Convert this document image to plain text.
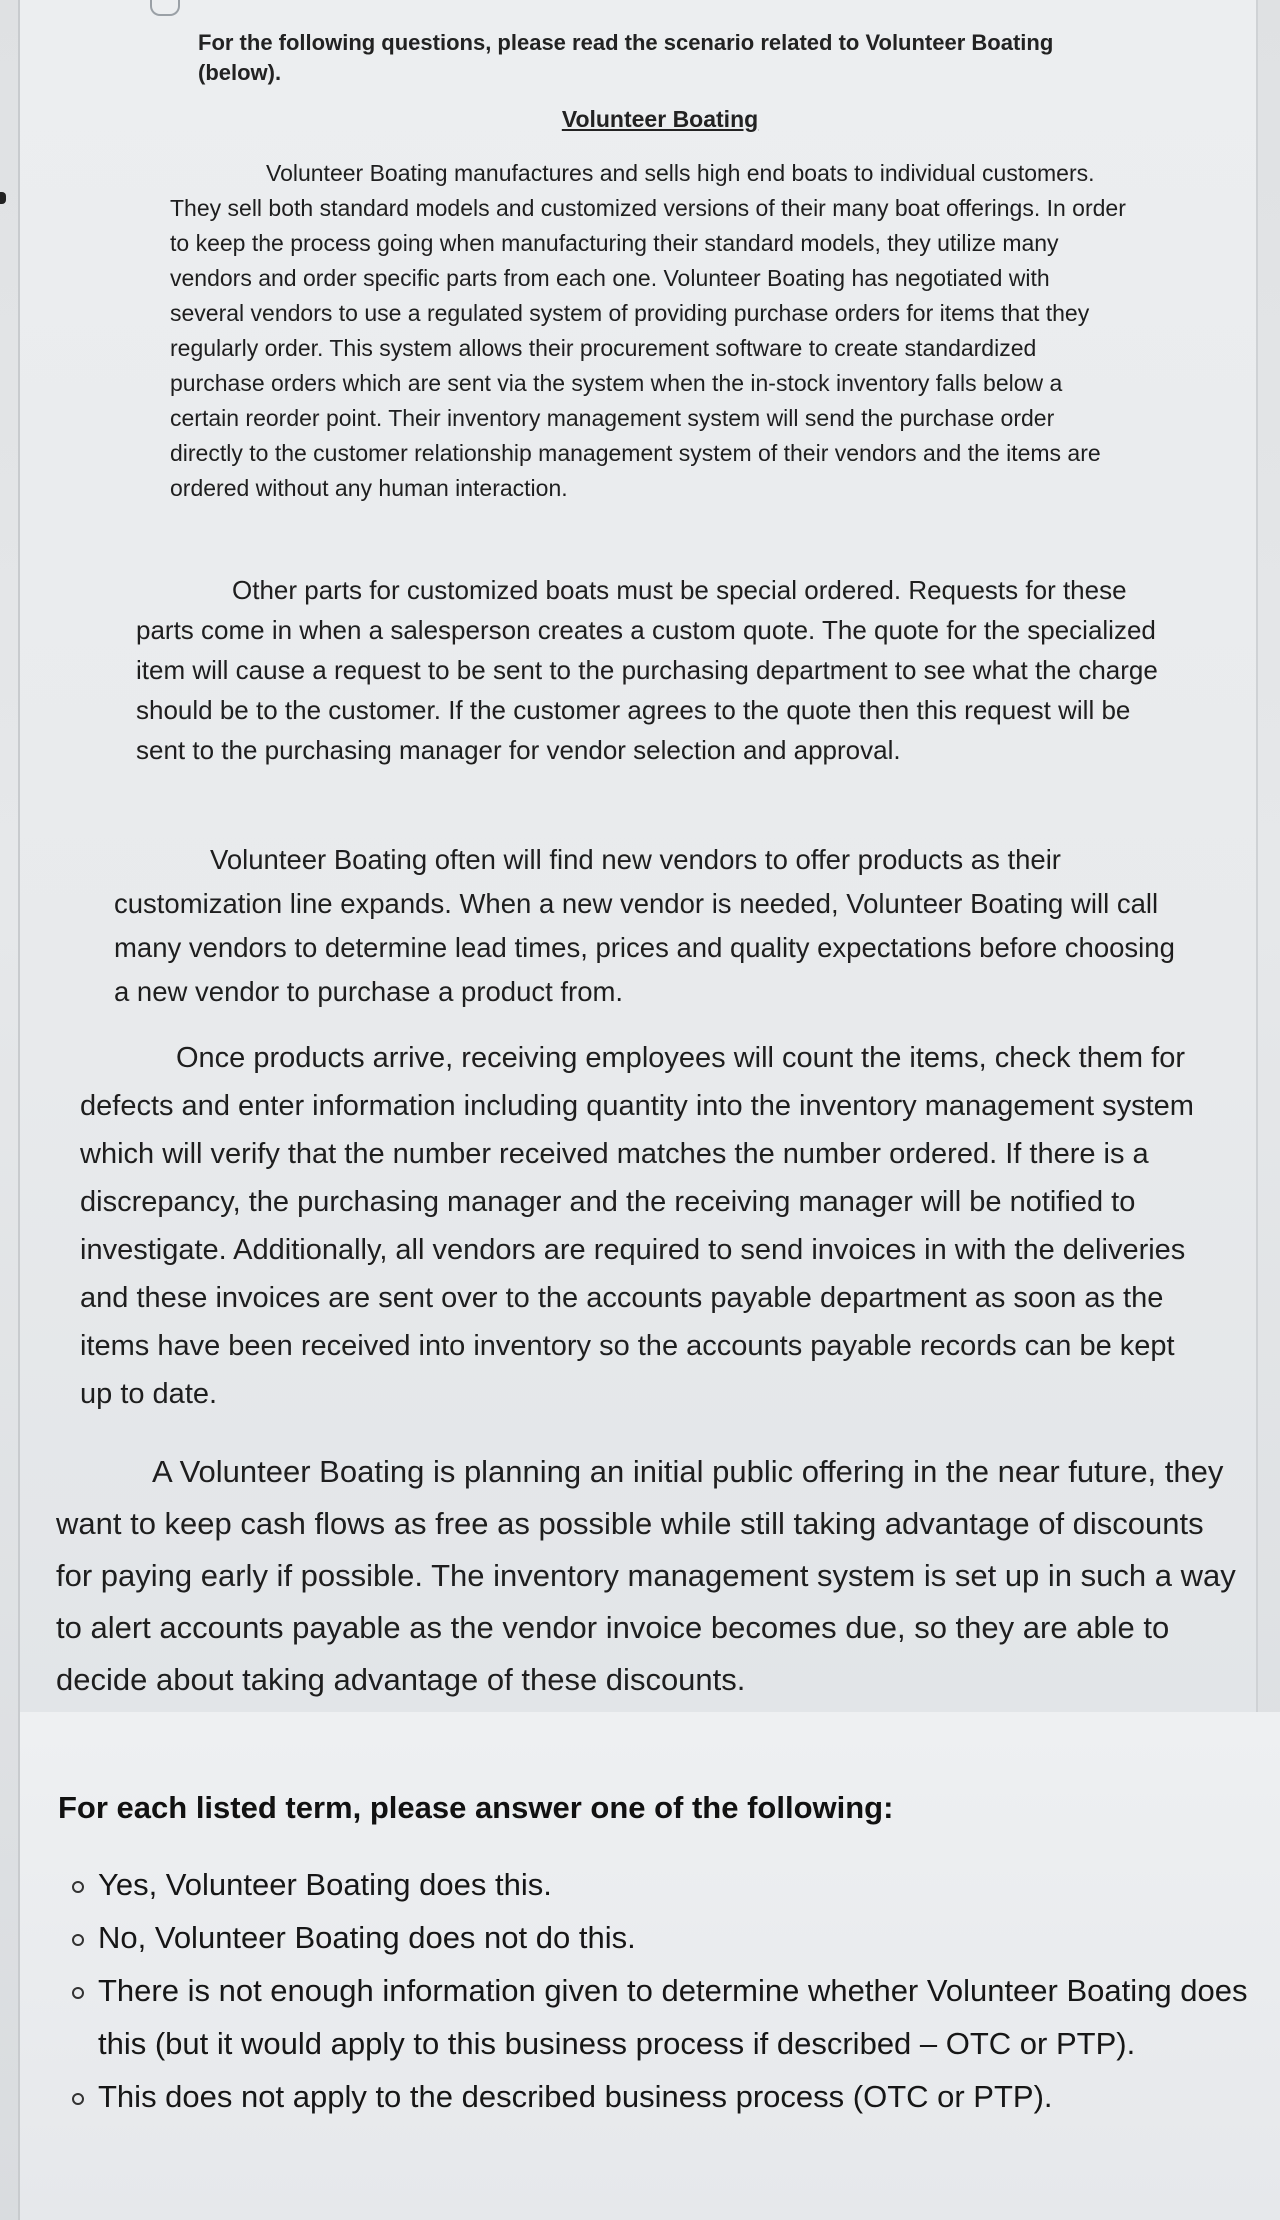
For the following questions, please read the scenario related to Volunteer Boating (below).
Volunteer Boating

Volunteer Boating manufactures and sells high end boats to individual customers. They sell both standard models and customized versions of their many boat offerings. In order to keep the process going when manufacturing their standard models, they utilize many vendors and order specific parts from each one. Volunteer Boating has negotiated with several vendors to use a regulated system of providing purchase orders for items that they regularly order. This system allows their procurement software to create standardized purchase orders which are sent via the system when the in-stock inventory falls below a certain reorder point. Their inventory management system will send the purchase order directly to the customer relationship management system of their vendors and the items are ordered without any human interaction.

Other parts for customized boats must be special ordered. Requests for these parts come in when a salesperson creates a custom quote. The quote for the specialized item will cause a request to be sent to the purchasing department to see what the charge should be to the customer. If the customer agrees to the quote then this request will be sent to the purchasing manager for vendor selection and approval.

Volunteer Boating often will find new vendors to offer products as their customization line expands. When a new vendor is needed, Volunteer Boating will call many vendors to determine lead times, prices and quality expectations before choosing a new vendor to purchase a product from.

Once products arrive, receiving employees will count the items, check them for defects and enter information including quantity into the inventory management system which will verify that the number received matches the number ordered. If there is a discrepancy, the purchasing manager and the receiving manager will be notified to investigate. Additionally, all vendors are required to send invoices in with the deliveries and these invoices are sent over to the accounts payable department as soon as the items have been received into inventory so the accounts payable records can be kept up to date.

A Volunteer Boating is planning an initial public offering in the near future, they want to keep cash flows as free as possible while still taking advantage of discounts for paying early if possible. The inventory management system is set up in such a way to alert accounts payable as the vendor invoice becomes due, so they are able to decide about taking advantage of these discounts.

For each listed term, please answer one of the following:
Yes, Volunteer Boating does this.
No, Volunteer Boating does not do this.
There is not enough information given to determine whether Volunteer Boating does this (but it would apply to this business process if described – OTC or PTP).
This does not apply to the described business process (OTC or PTP).
